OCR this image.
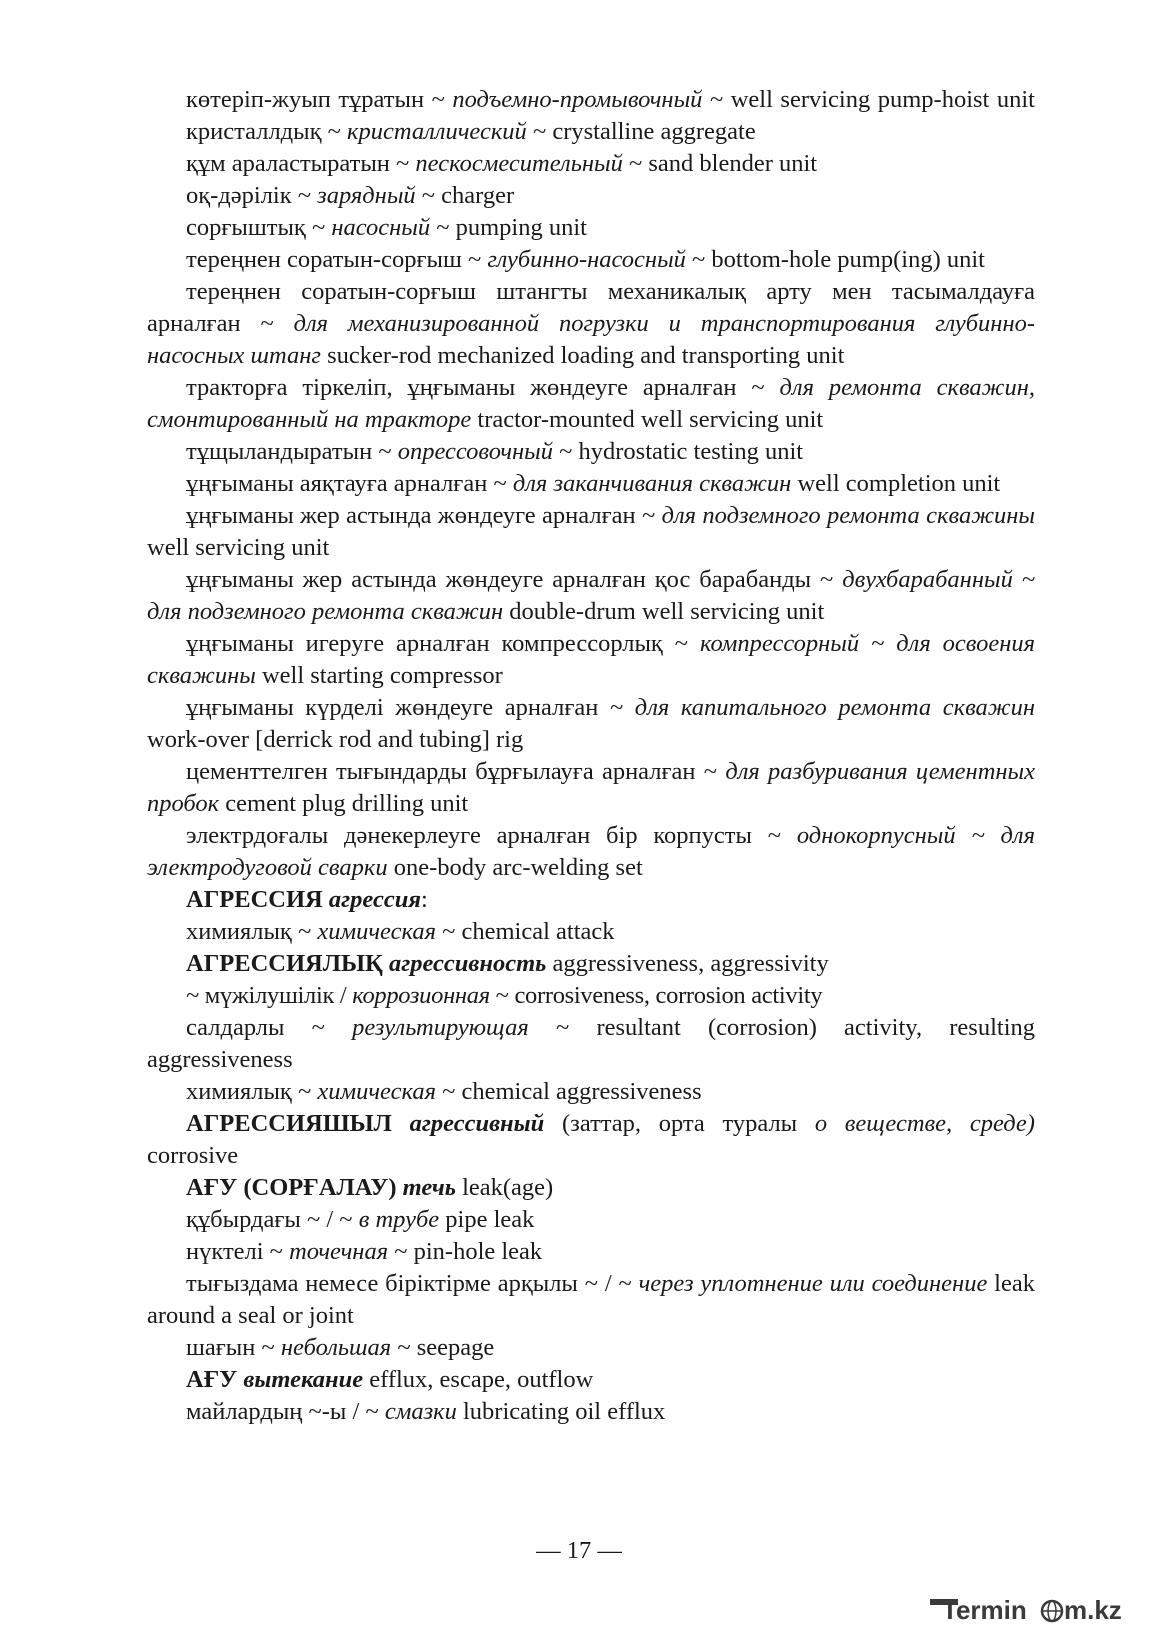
көтеріп-жуып тұратын ~ подъемно-промывочный ~ well servicing pump-hoist unit

кристаллдық ~ кристаллический ~ crystalline aggregate

құм араластыратын ~ пескосмесительный ~ sand blender unit

оқ-дәрілік ~ зарядный ~ charger

сорғыштық ~ насосный ~ pumping unit

тереңнен соратын-сорғыш ~ глубинно-насосный ~ bottom-hole pump(ing) unit

тереңнен соратын-сорғыш штангты механикалық арту мен тасымалдауға арналған ~ для механизированной погрузки и транспортирования глубинно-насосных штанг sucker-rod mechanized loading and transporting unit

тракторға тіркеліп, ұңғыманы жөндеуге арналған ~ для ремонта скважин, смонтированный на тракторе tractor-mounted well servicing unit

тұщыландыратын ~ опрессовочный ~ hydrostatic testing unit

ұңғыманы аяқтауға арналған ~ для заканчивания скважин well completion unit

ұңғыманы жер астында жөндеуге арналған ~ для подземного ремонта скважины well servicing unit

ұңғыманы жер астында жөндеуге арналған қос барабанды ~ двухбарабанный ~ для подземного ремонта скважин double-drum well servicing unit

ұңғыманы игеруге арналған компрессорлық ~ компрессорный ~ для освоения скважины well starting compressor

ұңғыманы күрделі жөндеуге арналған ~ для капитального ремонта скважин work-over [derrick rod and tubing] rig

цементтелген тығындарды бұрғылауға арналған ~ для разбуривания цементных пробок cement plug drilling unit

электрдоғалы дәнекерлеуге арналған бір корпусты ~ однокорпусный ~ для электродуговой сварки one-body arc-welding set

АГРЕССИЯ агрессия:

химиялық ~ химическая ~ chemical attack

АГРЕССИЯЛЫҚ агрессивность aggressiveness, aggressivity

~ мүжілушілік / коррозионная ~ corrosiveness, corrosion activity

салдарлы ~ результирующая ~ resultant (corrosion) activity, resulting aggressiveness

химиялық ~ химическая ~ chemical aggressiveness

АГРЕССИЯШЫЛ агрессивный (заттар, орта туралы о веществе, среде) corrosive

АҒУ (СОРҒАЛАУ) течь leak(age)

құбырдағы ~ / ~ в трубе pipe leak

нүктелі ~ точечная ~ pin-hole leak

тығыздама немесе біріктірме арқылы ~ / ~ через уплотнение или соединение leak around a seal or joint

шағын ~ небольшая ~ seepage

АҒУ вытекание efflux, escape, outflow

майлардың ~-ы / ~ смазки lubricating oil efflux

— 17 —
Termin m.kz
